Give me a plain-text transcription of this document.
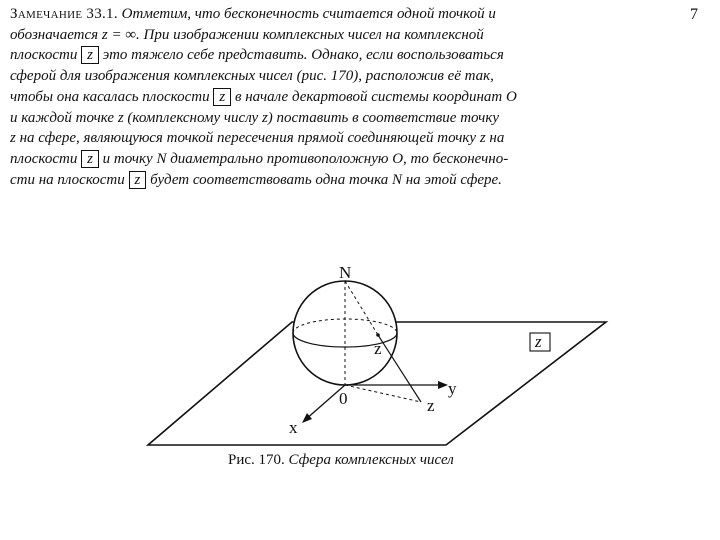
7
Замечание 33.1. Отметим, что бесконечность считается одной точкой и
обозначается z = ∞. При изображении комплексных чисел на комплексной
плоскости z это тяжело себе представить. Однако, если воспользоваться
сферой для изображения комплексных чисел (рис. 170), расположив её так,
чтобы она касалась плоскости z в начале декартовой системы координат O
и каждой точке z (комплексному числу z) поставить в соответствие точку
z на сфере, являющуюся точкой пересечения прямой соединяющей точку z на
плоскости z и точку N диаметрально противоположную O, то бесконечно-
сти на плоскости z будет соответствовать одна точка N на этой сфере.
N
z	z
0	z
y
x
Рис. 170. Сфера комплексных чисел
